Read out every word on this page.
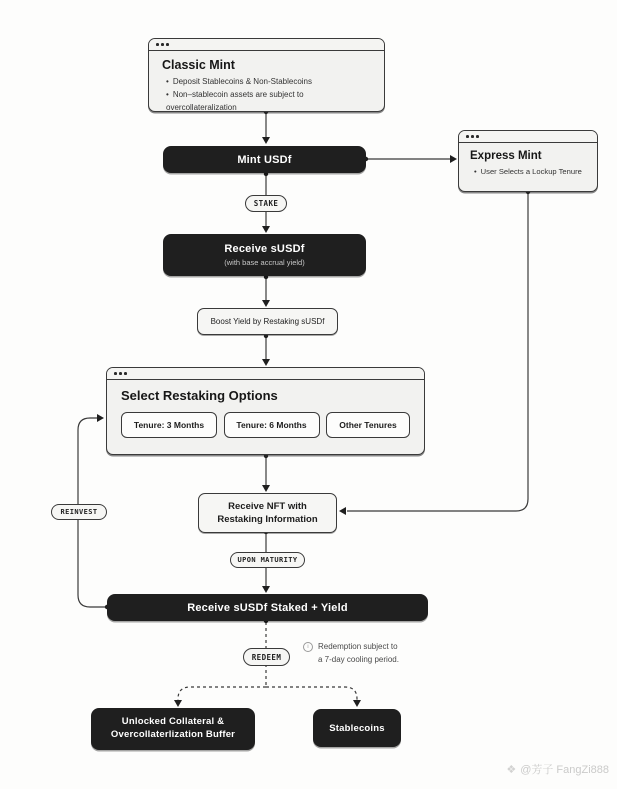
Classic Mint
• Deposit Stablecoins & Non-Stablecoins
• Non–stablecoin assets are subject to overcollateralization
Mint USDf	Express Mint
• User Selects a Lockup Tenure
STAKE
Receive sUSDf
(with base accrual yield)
Boost Yield by Restaking sUSDf
Select Restaking Options
Tenure: 3 Months	Tenure: 6 Months	Other Tenures
Receive NFT with
Restaking Information
UPON MATURITY
REINVEST
Receive sUSDf Staked + Yield
REDEEM
i	Redemption subject to
a 7-day cooling period.
Unlocked Collateral &
Overcollaterlization Buffer
Stablecoins
❖ @芳子 FangZi888
